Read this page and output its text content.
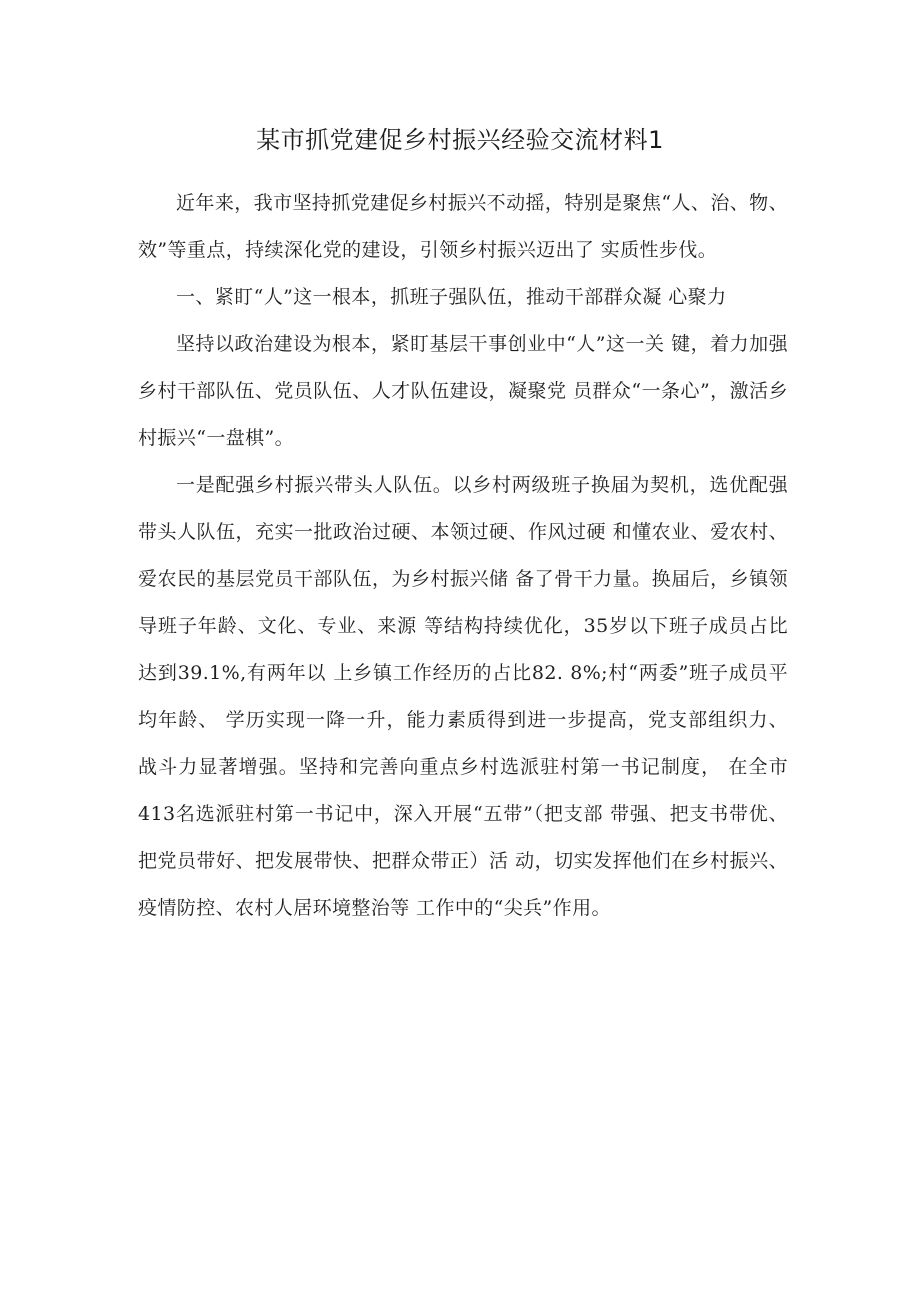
某市抓党建促乡村振兴经验交流材料1

近年来，我市坚持抓党建促乡村振兴不动摇，特别是聚焦“人、治、物、效”等重点，持续深化党的建设，引领乡村振兴迈出了 实质性步伐。

一、紧盯“人”这一根本，抓班子强队伍，推动干部群众凝 心聚力

坚持以政治建设为根本，紧盯基层干事创业中“人”这一关 键，着力加强乡村干部队伍、党员队伍、人才队伍建设，凝聚党 员群众“一条心”，激活乡村振兴“一盘棋”。

一是配强乡村振兴带头人队伍。以乡村两级班子换届为契机，选优配强带头人队伍，充实一批政治过硬、本领过硬、作风过硬 和懂农业、爱农村、爱农民的基层党员干部队伍，为乡村振兴储 备了骨干力量。换届后，乡镇领导班子年龄、文化、专业、来源 等结构持续优化，35岁以下班子成员占比达到39.1%,有两年以 上乡镇工作经历的占比82. 8%;村“两委”班子成员平均年龄、 学历实现一降一升，能力素质得到进一步提高，党支部组织力、 战斗力显著增强。坚持和完善向重点乡村选派驻村第一书记制度， 在全市413名选派驻村第一书记中，深入开展“五带”（把支部 带强、把支书带优、把党员带好、把发展带快、把群众带正）活 动，切实发挥他们在乡村振兴、疫情防控、农村人居环境整治等 工作中的“尖兵”作用。
